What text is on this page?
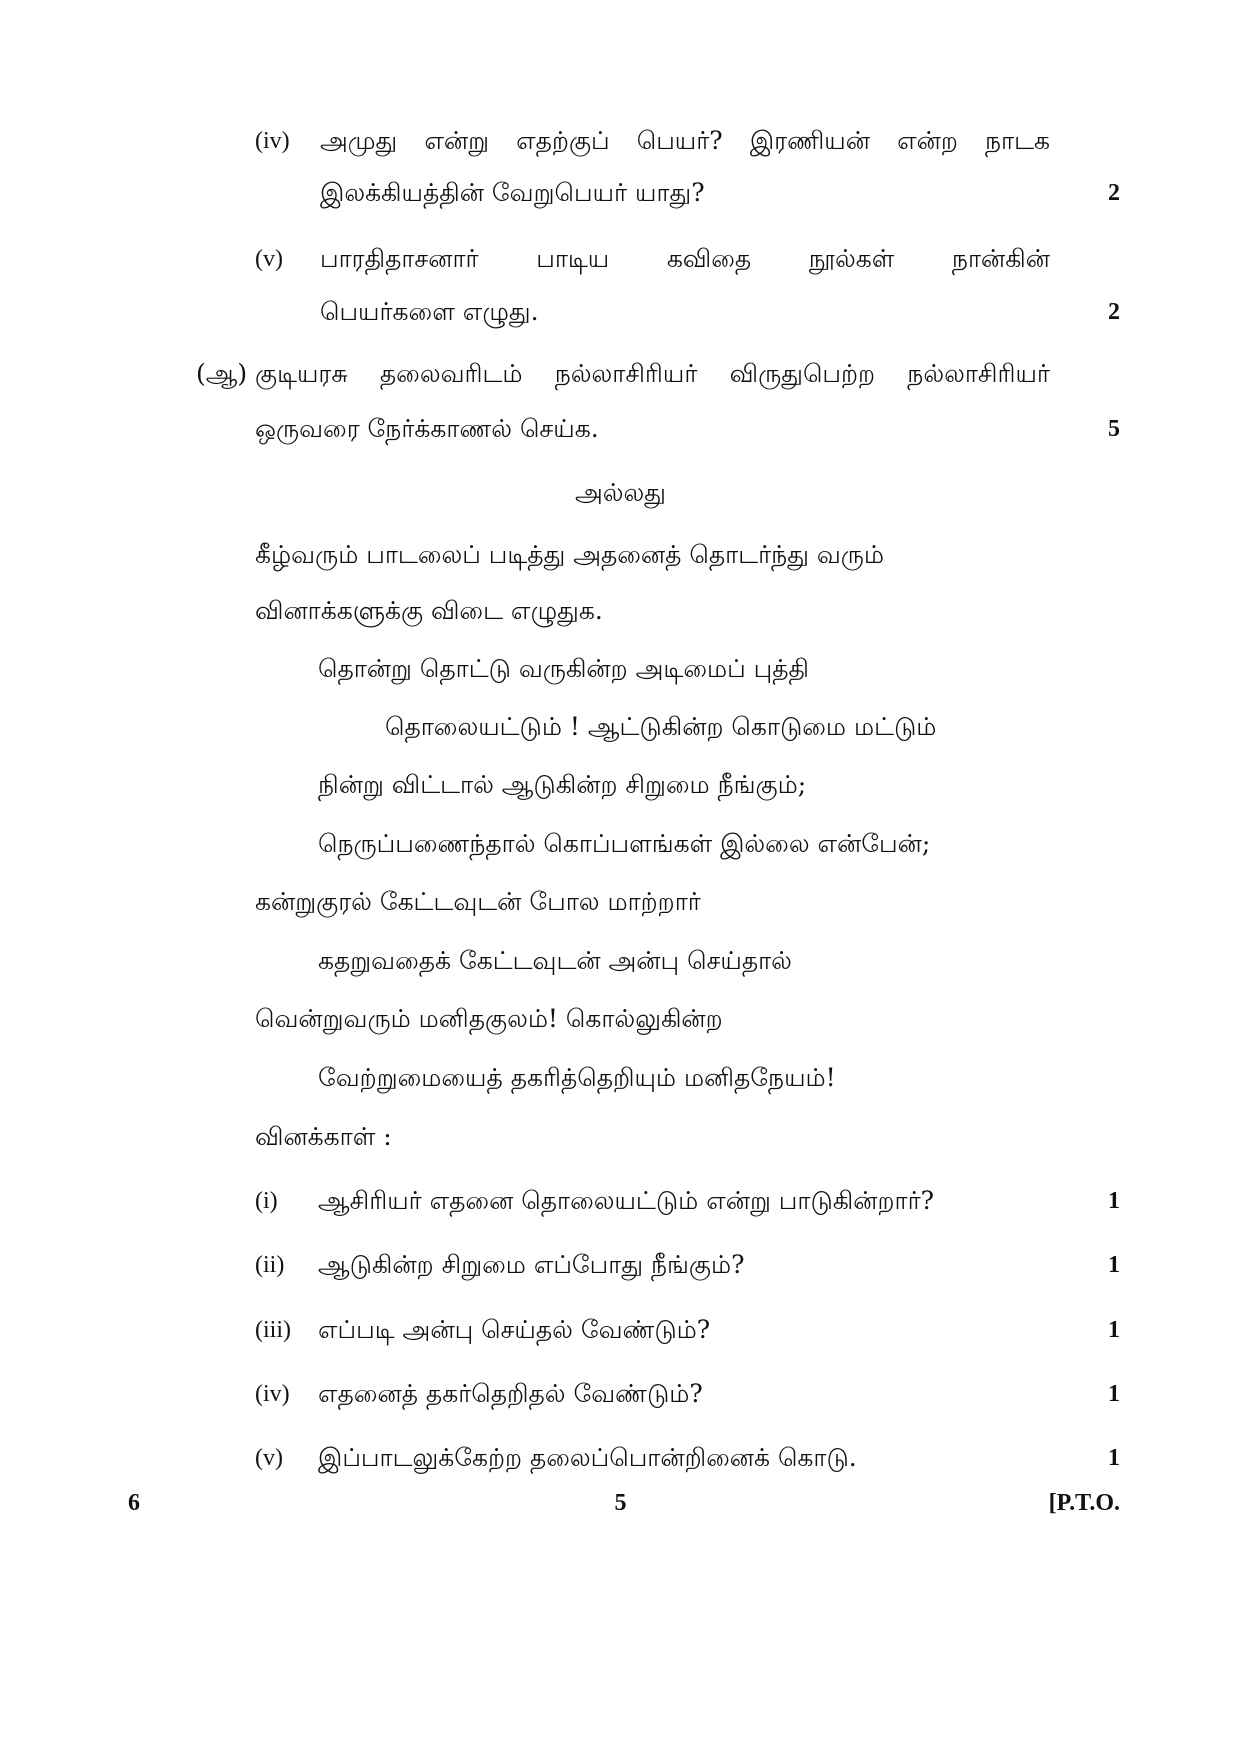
(iv) அமுது என்று எதற்குப் பெயர்? இரணியன் என்ற நாடக
இலக்கியத்தின் வேறுபெயர் யாது?	2
(v) பாரதிதாசனார் பாடிய கவிதை நூல்கள் நான்கின்
பெயர்களை எழுது.	2
(ஆ) குடியரசு தலைவரிடம் நல்லாசிரியர் விருதுபெற்ற நல்லாசிரியர்
ஒருவரை நேர்க்காணல் செய்க.	5
அல்லது
கீழ்வரும் பாடலைப் படித்து அதனைத் தொடர்ந்து வரும்
வினாக்களுக்கு விடை எழுதுக.
தொன்று தொட்டு வருகின்ற அடிமைப் புத்தி
தொலையட்டும் ! ஆட்டுகின்ற கொடுமை மட்டும்
நின்று விட்டால் ஆடுகின்ற சிறுமை நீங்கும்;
நெருப்பணைந்தால் கொப்பளங்கள் இல்லை என்பேன்;
கன்றுகுரல் கேட்டவுடன் போல மாற்றார்
கதறுவதைக் கேட்டவுடன் அன்பு செய்தால்
வென்றுவரும் மனிதகுலம்! கொல்லுகின்ற
வேற்றுமையைத் தகரித்தெறியும் மனிதநேயம்!
வினக்காள் :
(i) ஆசிரியர் எதனை தொலையட்டும் என்று பாடுகின்றார்?	1
(ii) ஆடுகின்ற சிறுமை எப்போது நீங்கும்?	1
(iii) எப்படி அன்பு செய்தல் வேண்டும்?	1
(iv) எதனைத் தகர்தெறிதல் வேண்டும்?	1
(v) இப்பாடலுக்கேற்ற தலைப்பொன்றினைக் கொடு.	1
6	5	[P.T.O.
